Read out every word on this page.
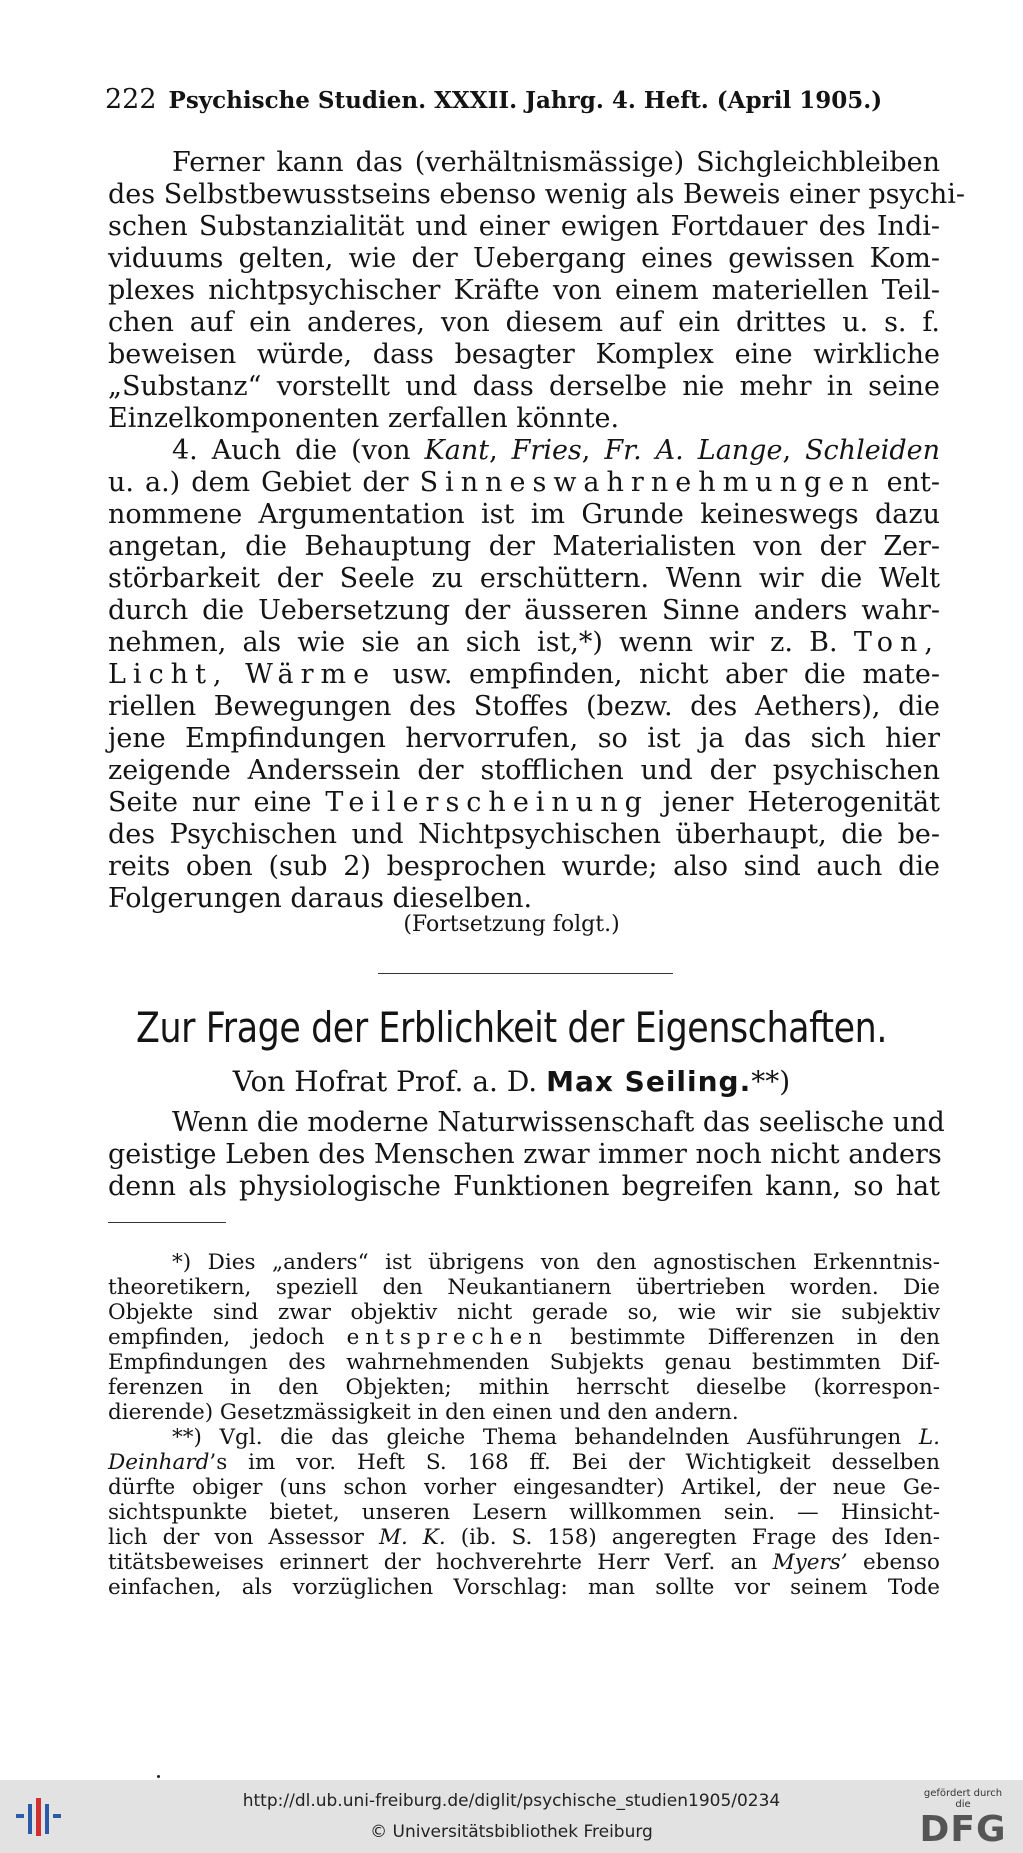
222 Psychische Studien. XXXII. Jahrg. 4. Heft. (April 1905.)
Ferner kann das (verhältnismässige) Sichgleichbleiben
des Selbstbewusstseins ebenso wenig als Beweis einer psychi-
schen Substanzialität und einer ewigen Fortdauer des Indi-
viduums gelten, wie der Uebergang eines gewissen Kom-
plexes nichtpsychischer Kräfte von einem materiellen Teil-
chen auf ein anderes, von diesem auf ein drittes u. s. f.
beweisen würde, dass besagter Komplex eine wirkliche
„Substanz“ vorstellt und dass derselbe nie mehr in seine
Einzelkomponenten zerfallen könnte.
4. Auch die (von Kant, Fries, Fr. A. Lange, Schleiden
u. a.) dem Gebiet der Sinneswahrnehmungen ent-
nommene Argumentation ist im Grunde keineswegs dazu
angetan, die Behauptung der Materialisten von der Zer-
störbarkeit der Seele zu erschüttern. Wenn wir die Welt
durch die Uebersetzung der äusseren Sinne anders wahr-
nehmen, als wie sie an sich ist,*) wenn wir z. B. Ton,
Licht, Wärme usw. empfinden, nicht aber die mate-
riellen Bewegungen des Stoffes (bezw. des Aethers), die
jene Empfindungen hervorrufen, so ist ja das sich hier
zeigende Anderssein der stofflichen und der psychischen
Seite nur eine Teilerscheinung jener Heterogenität
des Psychischen und Nichtpsychischen überhaupt, die be-
reits oben (sub 2) besprochen wurde; also sind auch die
Folgerungen daraus dieselben.
(Fortsetzung folgt.)
Zur Frage der Erblichkeit der Eigenschaften.
Von Hofrat Prof. a. D. Max Seiling.**)
Wenn die moderne Naturwissenschaft das seelische und
geistige Leben des Menschen zwar immer noch nicht anders
denn als physiologische Funktionen begreifen kann, so hat
*) Dies „anders“ ist übrigens von den agnostischen Erkenntnis-
theoretikern, speziell den Neukantianern übertrieben worden. Die
Objekte sind zwar objektiv nicht gerade so, wie wir sie subjektiv
empfinden, jedoch entsprechen bestimmte Differenzen in den
Empfindungen des wahrnehmenden Subjekts genau bestimmten Dif-
ferenzen in den Objekten; mithin herrscht dieselbe (korrespon-
dierende) Gesetzmässigkeit in den einen und den andern.
**) Vgl. die das gleiche Thema behandelnden Ausführungen L.
Deinhard’s im vor. Heft S. 168 ff. Bei der Wichtigkeit desselben
dürfte obiger (uns schon vorher eingesandter) Artikel, der neue Ge-
sichtspunkte bietet, unseren Lesern willkommen sein. — Hinsicht-
lich der von Assessor M. K. (ib. S. 158) angeregten Frage des Iden-
titätsbeweises erinnert der hochverehrte Herr Verf. an Myers’ ebenso
einfachen, als vorzüglichen Vorschlag: man sollte vor seinem Tode
http://dl.ub.uni-freiburg.de/diglit/psychische_studien1905/0234
© Universitätsbibliothek Freiburg
gefördert durch die
DFG
